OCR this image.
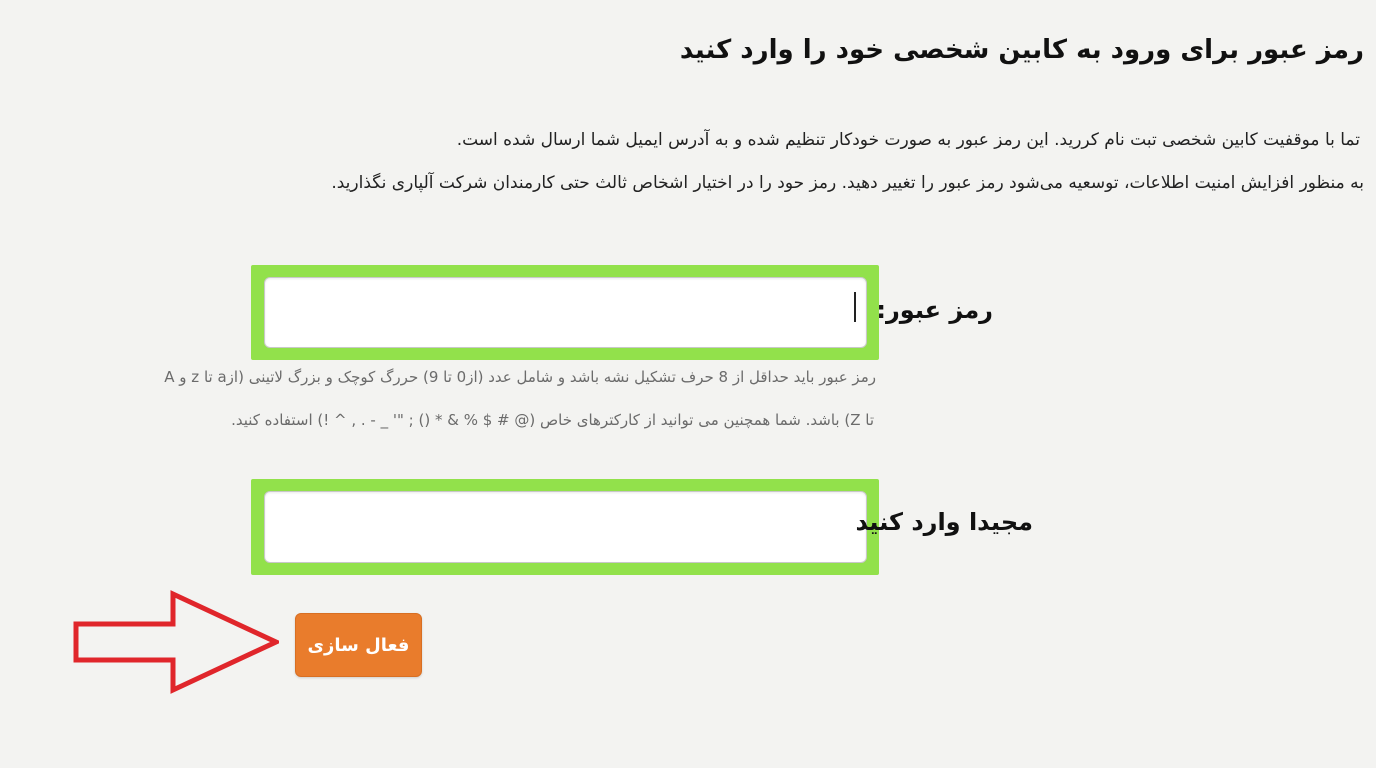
رمز عبور برای ورود به کابین شخصی خود را وارد کنید
تما با موقفیت کابین شخصی تبت نام کررید. این رمز عبور به صورت خودکار تنظیم شده و به آدرس ایمیل شما ارسال شده است.
به منظور افزایش امنیت اطلاعات، توسعیه می‌شود رمز عبور را تغییر دهید. رمز حود را در اختیار اشخاص ثالث حتی کارمندان شرکت آلپاری نگذارید.
رمز عبور:
رمز عبور باید حداقل از 8 حرف تشکیل نشه باشد و شامل عدد (از0 تا 9) حررگ کوچک و بزرگ لاتینی (ازa تا z و A
تا Z) باشد. شما همچنین می توانید از کارکترهای خاص (@ # $ % & * () ; "' _ - . , ^ !) استفاده کنید.
مجیدا وارد کنید
فعال سازی
